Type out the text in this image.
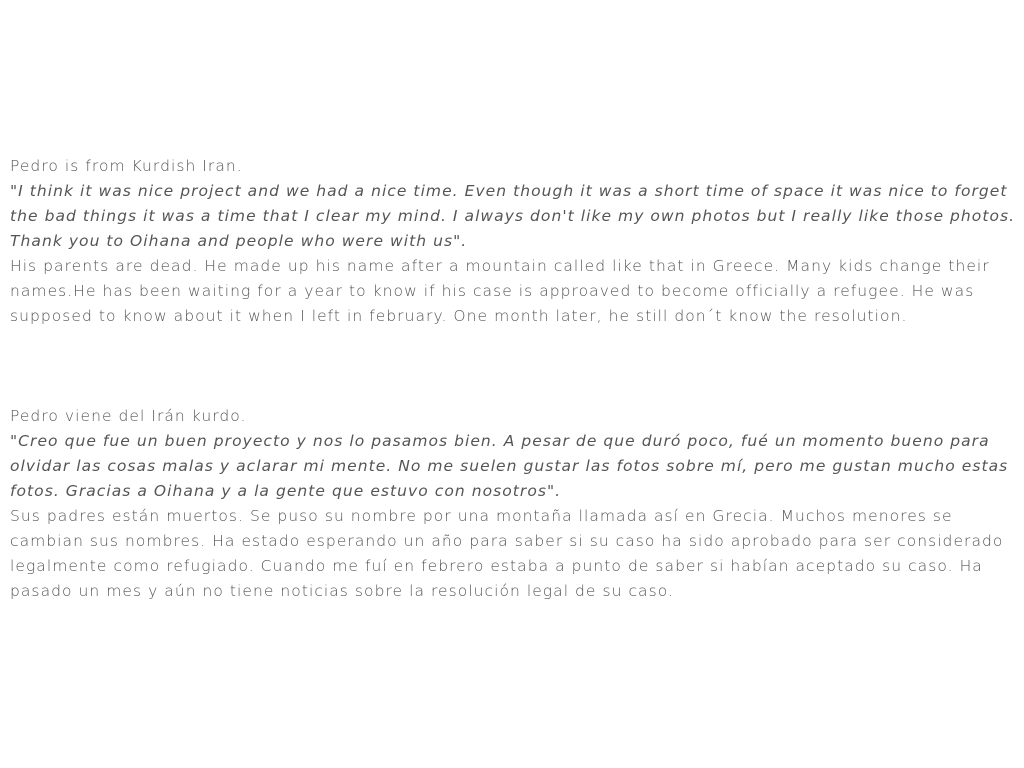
Pedro is from Kurdish Iran.

"I think it was nice project and we had a nice time. Even though it was a short time of space it was nice to forget the bad things it was a time that I clear my mind. I always don't like my own photos but I really like those photos. Thank you to Oihana and people who were with us".

His parents are dead. He made up his name after a mountain called like that in Greece. Many kids change their names.He has been waiting for a year to know if his case is approaved to become officially a refugee. He was supposed to know about it when I left in february. One month later, he still don´t know the resolution.

Pedro viene del Irán kurdo.

"Creo que fue un buen proyecto y nos lo pasamos bien. A pesar de que duró poco, fué un momento bueno para olvidar las cosas malas y aclarar mi mente. No me suelen gustar las fotos sobre mí, pero me gustan mucho estas fotos. Gracias a Oihana y a la gente que estuvo con nosotros".

Sus padres están muertos. Se puso su nombre por una montaña llamada así en Grecia. Muchos menores se cambian sus nombres. Ha estado esperando un año para saber si su caso ha sido aprobado para ser considerado legalmente como refugiado. Cuando me fuí en febrero estaba a punto de saber si habían aceptado su caso. Ha pasado un mes y aún no tiene noticias sobre la resolución legal de su caso.
